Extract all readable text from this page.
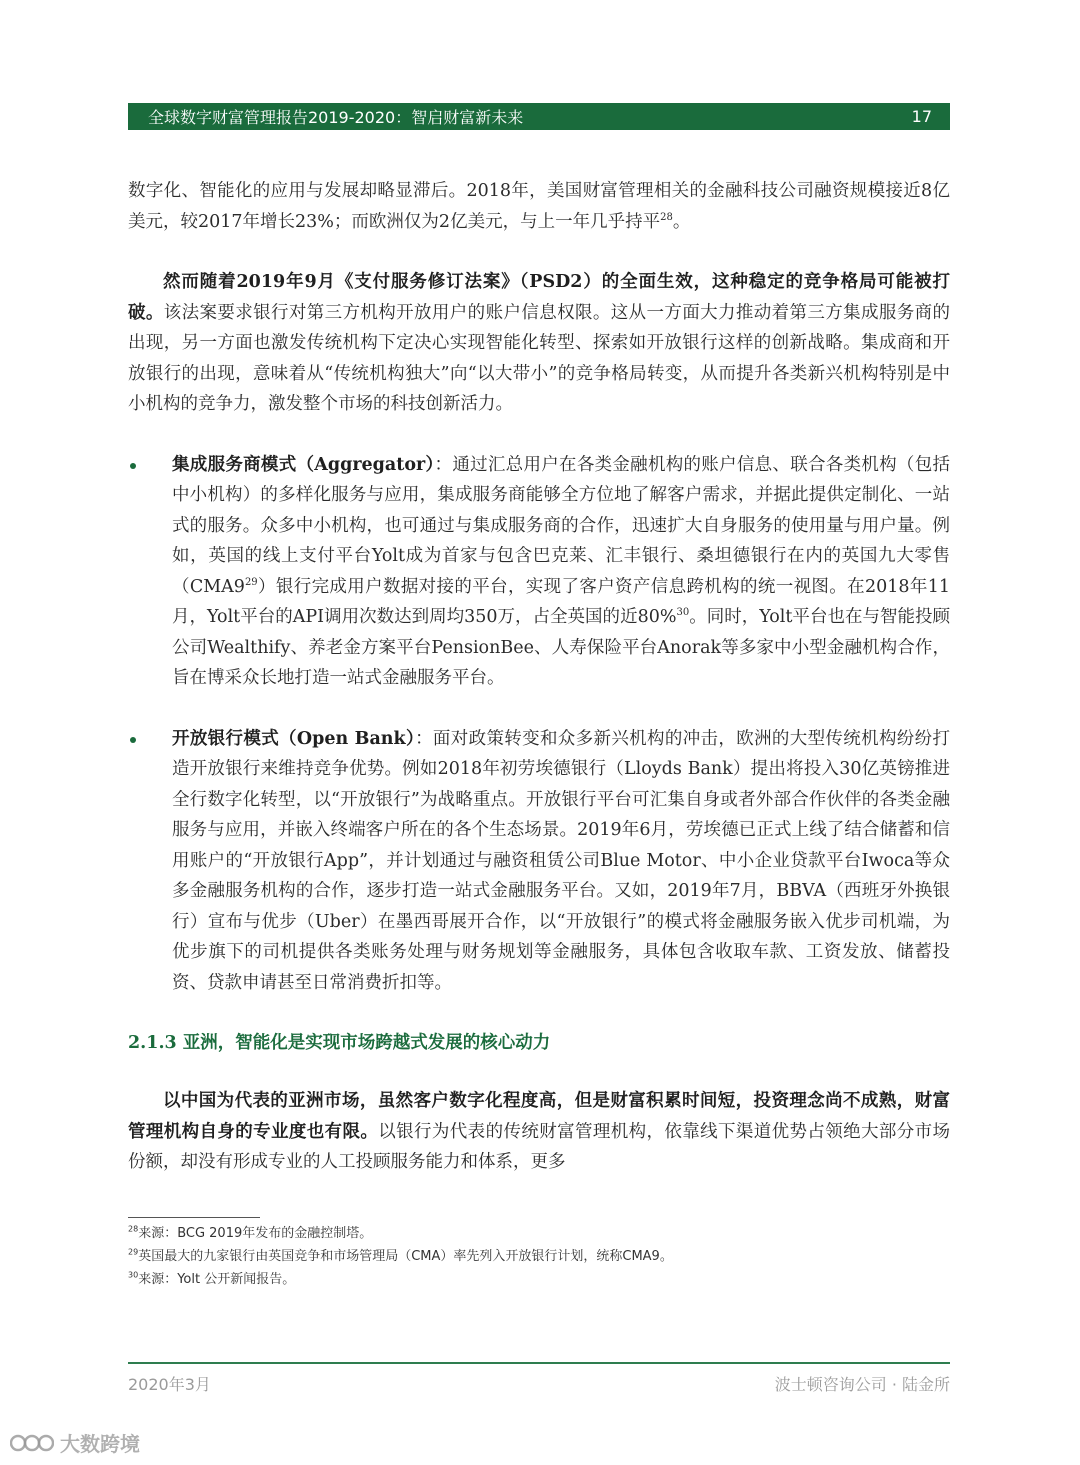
全球数字财富管理报告2019-2020：智启财富新未来	17

数字化、智能化的应用与发展却略显滞后。2018年，美国财富管理相关的金融科技公司融资规模接近8亿美元，较2017年增长23%；而欧洲仅为2亿美元，与上一年几乎持平$^{28}$。

然而随着2019年9月《支付服务修订法案》（PSD2）的全面生效，这种稳定的竞争格局可能被打破。该法案要求银行对第三方机构开放用户的账户信息权限。这从一方面大力推动着第三方集成服务商的出现，另一方面也激发传统机构下定决心实现智能化转型、探索如开放银行这样的创新战略。集成商和开放银行的出现，意味着从“传统机构独大”向“以大带小”的竞争格局转变，从而提升各类新兴机构特别是中小机构的竞争力，激发整个市场的科技创新活力。

集成服务商模式（Aggregator）：通过汇总用户在各类金融机构的账户信息、联合各类机构（包括中小机构）的多样化服务与应用，集成服务商能够全方位地了解客户需求，并据此提供定制化、一站式的服务。众多中小机构，也可通过与集成服务商的合作，迅速扩大自身服务的使用量与用户量。例如，英国的线上支付平台Yolt成为首家与包含巴克莱、汇丰银行、桑坦德银行在内的英国九大零售$(CMA9^{29})$银行完成用户数据对接的平台，实现了客户资产信息跨机构的统一视图。在2018年11月，Yolt平台的API调用次数达到周均350万，占全英国的近80%$^{30}$。同时，Yolt平台也在与智能投顾公司Wealthify、养老金方案平台PensionBee、人寿保险平台Anorak等多家中小型金融机构合作，旨在博采众长地打造一站式金融服务平台。
开放银行模式（Open Bank）：面对政策转变和众多新兴机构的冲击，欧洲的大型传统机构纷纷打造开放银行来维持竞争优势。例如2018年初劳埃德银行（Lloyds Bank）提出将投入30亿英镑推进全行数字化转型，以“开放银行”为战略重点。开放银行平台可汇集自身或者外部合作伙伴的各类金融服务与应用，并嵌入终端客户所在的各个生态场景。2019年6月，劳埃德已正式上线了结合储蓄和信用账户的“开放银行App”，并计划通过与融资租赁公司Blue Motor、中小企业贷款平台Iwoca等众多金融服务机构的合作，逐步打造一站式金融服务平台。又如，2019年7月，BBVA（西班牙外换银行）宣布与优步（Uber）在墨西哥展开合作，以“开放银行”的模式将金融服务嵌入优步司机端，为优步旗下的司机提供各类账务处理与财务规划等金融服务，具体包含收取车款、工资发放、储蓄投资、贷款申请甚至日常消费折扣等。
2.1.3 亚洲，智能化是实现市场跨越式发展的核心动力

以中国为代表的亚洲市场，虽然客户数字化程度高，但是财富积累时间短，投资理念尚不成熟，财富管理机构自身的专业度也有限。以银行为代表的传统财富管理机构，依靠线下渠道优势占领绝大部分市场份额，却没有形成专业的人工投顾服务能力和体系，更多

$^{28}$来源：BCG 2019年发布的金融控制塔。
$^{29}$英国最大的九家银行由英国竞争和市场管理局（CMA）率先列入开放银行计划，统称CMA9。
$^{30}$来源：Yolt 公开新闻报告。
2020年3月	波士顿咨询公司 · 陆金所
大数跨境
